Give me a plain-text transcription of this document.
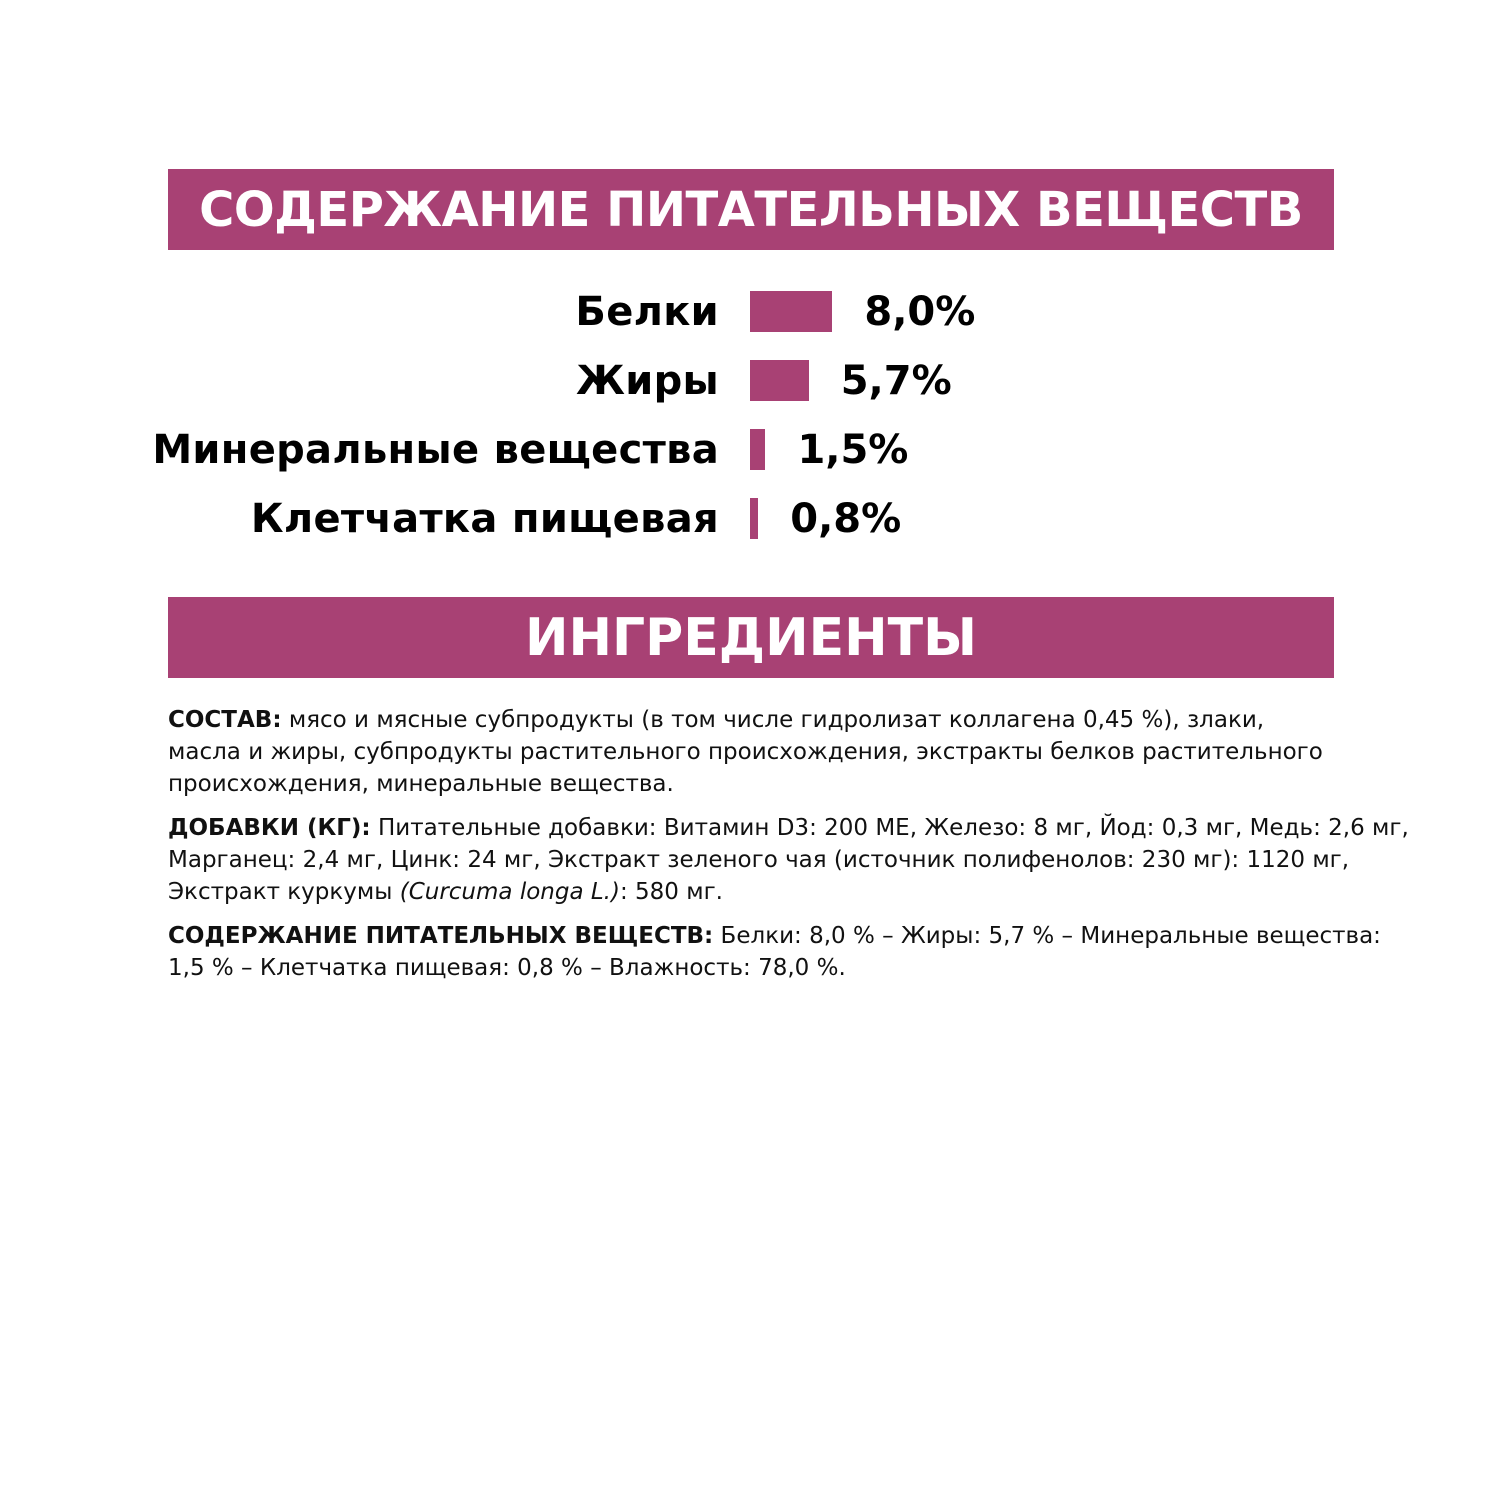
СОДЕРЖАНИЕ ПИТАТЕЛЬНЫХ ВЕЩЕСТВ
Белки	8,0%
Жиры	5,7%
Минеральные вещества 1,5%
Клетчатка пищевая 0,8%
ИНГРЕДИЕНТЫ

СОСТАВ: мясо и мясные субпродукты (в том числе гидролизат коллагена 0,45 %), злаки,
масла и жиры, субпродукты растительного происхождения, экстракты белков растительного
происхождения, минеральные вещества.

ДОБАВКИ (КГ): Питательные добавки: Витамин D3: 200 МЕ, Железо: 8 мг, Йод: 0,3 мг, Медь: 2,6 мг,
Марганец: 2,4 мг, Цинк: 24 мг, Экстракт зеленого чая (источник полифенолов: 230 мг): 1120 мг,
Экстракт куркумы (Curcuma longa L.): 580 мг.

СОДЕРЖАНИЕ ПИТАТЕЛЬНЫХ ВЕЩЕСТВ: Белки: 8,0 % – Жиры: 5,7 % – Минеральные вещества:
1,5 % – Клетчатка пищевая: 0,8 % – Влажность: 78,0 %.
